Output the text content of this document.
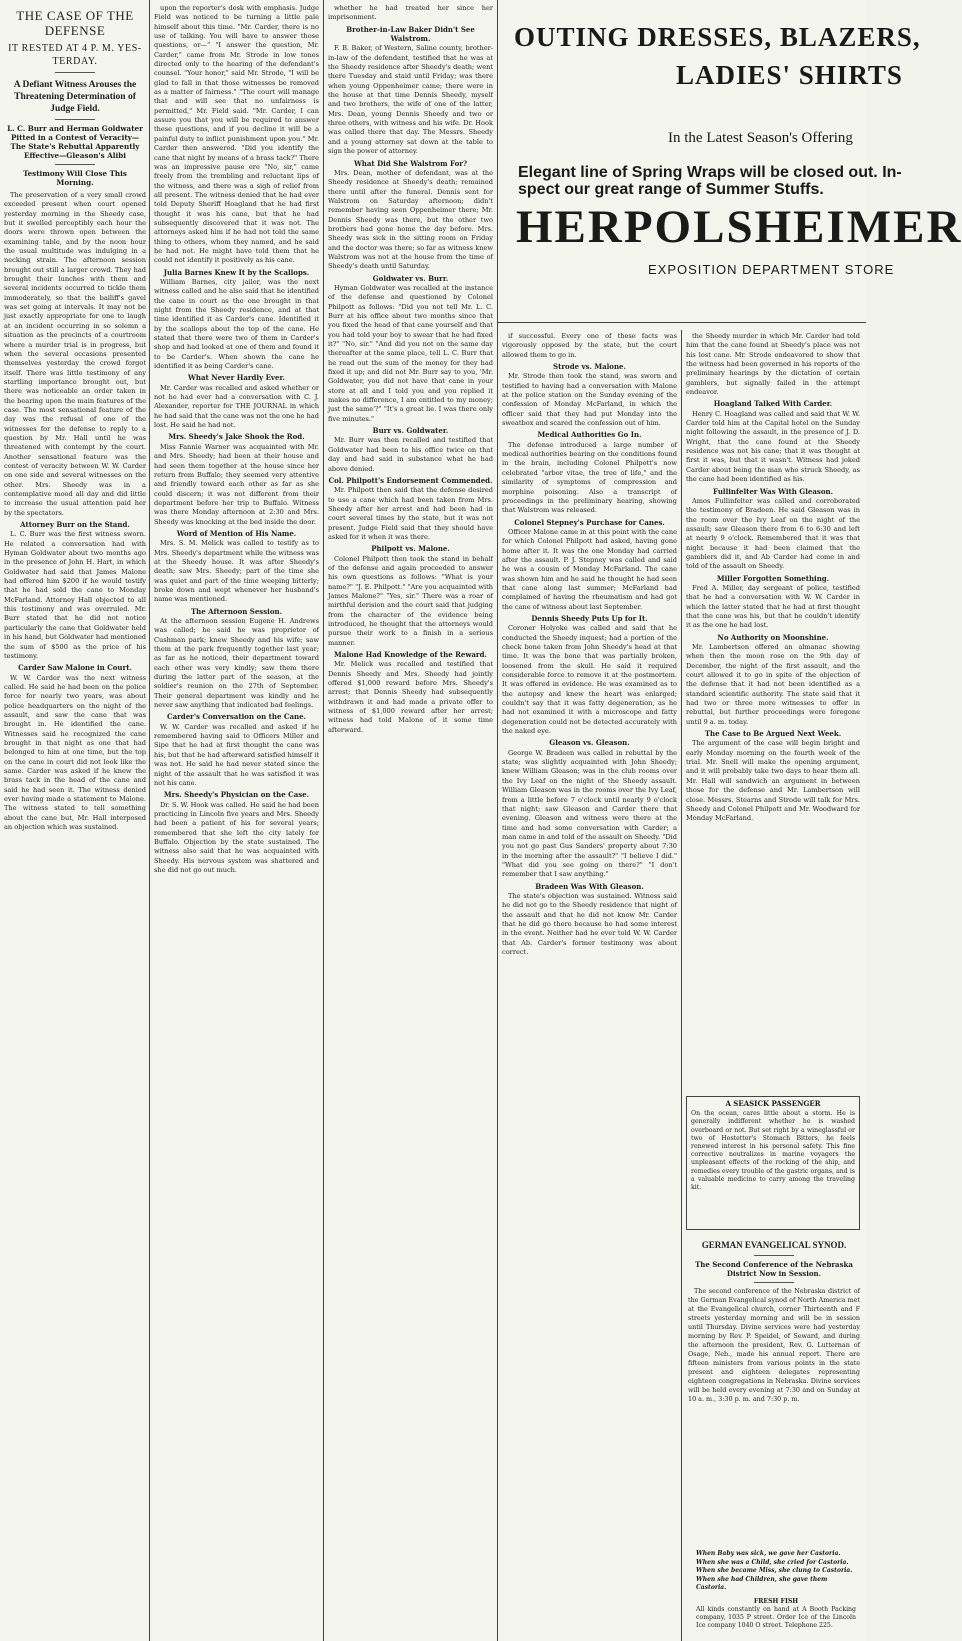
THE CASE OF THE DEFENSE
IT RESTED AT 4 P. M. YES-TERDAY.
A Defiant Witness Arouses the Threatening Determination of Judge Field.
L. C. Burr and Herman Goldwater Pitted in a Contest of Veracity—The State's Rebuttal Apparently Effective—Gleason's Alibi
Testimony Will Close This Morning.

The preservation of a very small crowd exceeded present when court opened yesterday morning in the Sheedy case, but it swelled perceptibly each hour the doors were thrown open between the examining table, and by the noon hour the usual multitude was indulging in a necking strain. The afternoon session brought out still a larger crowd. They had brought their lunches with them and several incidents occurred to tickle them immoderately, so that the bailiff's gavel was set going at intervals. It may not be just exactly appropriate for one to laugh at an incident occurring in so solemn a situation as the precincts of a courtroom where a murder trial is in progress, but when the several occasions presented themselves yesterday the crowd forgot itself. There was little testimony of any startling importance brought out, but there was noticeable an order taken in the bearing upon the main features of the case. The most sensational feature of the day was the refusal of one of the witnesses for the defense to reply to a question by Mr. Hall until he was threatened with contempt by the court. Another sensational feature was the contest of veracity between W. W. Carder on one side and several witnesses on the other. Mrs. Sheedy was in a contemplative mood all day and did little to increase the usual attention paid her by the spectators.

Attorney Burr on the Stand.

L. C. Burr was the first witness sworn. He related a conversation had with Hyman Goldwater about two months ago in the presence of John H. Hart, in which Goldwater had said that James Malone had offered him $200 if he would testify that he had sold the cane to Monday McFarland. Attorney Hall objected to all this testimony and was overruled. Mr. Burr stated that he did not notice particularly the cane that Goldwater held in his hand, but Goldwater had mentioned the sum of $500 as the price of his testimony.

Carder Saw Malone in Court.

W. W. Carder was the next witness called. He said he had been on the police force for nearly two years, was about police headquarters on the night of the assault, and saw the cane that was brought in. He identified the cane. Witnesses said he recognized the cane brought in that night as one that had belonged to him at one time, but the top on the cane in court did not look like the same. Carder was asked if he knew the brass tack in the head of the cane and said he had seen it. The witness denied ever having made a statement to Malone. The witness stated to tell something about the cane but, Mr. Hall interposed an objection which was sustained.

upon the reporter's desk with emphasis. Judge Field was noticed to be turning a little pale himself about this time. "Mr. Carder, there is no use of talking. You will have to answer those questions, or—" "I answer the question, Mr. Carder," came from Mr. Strode in low tones directed only to the hearing of the defendant's counsel. "Your honor," said Mr. Strode, "I will be glad to fall in that those witnesses be removed as a matter of fairness." "The court will manage that and will see that no unfairness is permitted," Mr. Field said. "Mr. Carder, I can assure you that you will be required to answer these questions, and if you decline it will be a painful duty to inflict punishment upon you." Mr. Carder then answered. "Did you identify the cane that night by means of a brass tack?" There was an impressive pause ere "No, sir," came freely from the trembling and reluctant lips of the witness, and there was a sigh of relief from all present. The witness denied that he had ever told Deputy Sheriff Hoagland that he had first thought it was his cane, but that he had subsequently discovered that it was not. The attorneys asked him if he had not told the same thing to others, whom they named, and he said he had not. He might have told them that he could not identify it positively as his cane.

Julia Barnes Knew It by the Scallops.

William Barnes, city jailer, was the next witness called and he also said that he identified the cane in court as the one brought in that night from the Sheedy residence, and at that time identified it as Carder's cane. Identified it by the scallops about the top of the cane. He stated that there were two of them in Carder's shop and had looked at one of them and found it to be Carder's. When shown the cane he identified it as being Carder's cane.

What Never Hardly Ever.

Mr. Carder was recalled and asked whether or not he had ever had a conversation with C. J. Alexander, reporter for THE JOURNAL in which he had said that the cane was not the one he had lost. He said he had not.

Mrs. Sheedy's Jake Shook the Rod.

Miss Fannie Warner was acquainted with Mr. and Mrs. Sheedy; had been at their house and had seen them together at the house since her return from Buffalo; they seemed very attentive and friendly toward each other as far as she could discern; it was not different from their department before her trip to Buffalo. Witness was there Monday afternoon at 2:30 and Mrs. Sheedy was knocking at the bed inside the door.

Word of Mention of His Name.

Mrs. S. M. Melick was called to testify as to Mrs. Sheedy's department while the witness was at the Sheedy house. It was after Sheedy's death; saw Mrs. Sheedy; part of the time she was quiet and part of the time weeping bitterly; broke down and wept whenever her husband's name was mentioned.

The Afternoon Session.

At the afternoon session Eugene H. Andrews was called; he said he was proprietor of Cushman park; knew Sheedy and his wife; saw them at the park frequently together last year; as far as he noticed, their department toward each other was very kindly; saw them there during the latter part of the season, at the soldier's reunion on the 27th of September. Their general department was kindly and he never saw anything that indicated bad feelings.

Carder's Conversation on the Cane.

W. W. Carder was recalled and asked if he remembered having said to Officers Miller and Sipe that he had at first thought the cane was his, but that he had afterward satisfied himself it was not. He said he had never stated since the night of the assault that he was satisfied it was not his cane.

Mrs. Sheedy's Physician on the Case.

Dr. S. W. Hook was called. He said he had been practicing in Lincoln five years and Mrs. Sheedy had been a patient of his for several years; remembered that she left the city lately for Buffalo. Objection by the state sustained. The witness also said that he was acquainted with Sheedy. His nervous system was shattered and she did not go out much.

whether he had treated her since her imprisonment.

Brother-in-Law Baker Didn't See Walstrom.

F. B. Baker, of Western, Saline county, brother-in-law of the defendant, testified that he was at the Sheedy residence after Sheedy's death; went there Tuesday and staid until Friday; was there when young Oppenheimer came; there were in the house at that time Dennis Sheedy, myself and two brothers, the wife of one of the latter, Mrs. Dean, young Dennis Sheedy and two or three others, with witness and his wife. Dr. Hook was called there that day. The Messrs. Sheedy and a young attorney sat down at the table to sign the power of attorney.

What Did She Walstrom For?

Mrs. Dean, mother of defendant, was at the Sheedy residence at Sheedy's death; remained there until after the funeral. Dennis sent for Walstrom on Saturday afternoon; didn't remember having seen Oppenheimer there; Mr. Dennis Sheedy was there, but the other two brothers had gone home the day before. Mrs. Sheedy was sick in the sitting room on Friday and the doctor was there; so far as witness knew Walstrom was not at the house from the time of Sheedy's death until Saturday.

Goldwater vs. Burr.

Hyman Goldwater was recalled at the instance of the defense and questioned by Colonel Philpott as follows: "Did you not tell Mr. L. C. Burr at his office about two months since that you fixed the head of that cane yourself and that you had told your boy to swear that he had fixed it?" "No, sir." "And did you not on the same day thereafter at the same place, tell L. C. Burr that he read out the sum of the money for they had fixed it up; and did not Mr. Burr say to you, 'Mr. Goldwater, you did not have that cane in your store at all and I told you and you replied it makes no difference, I am entitled to my money; just the same'?" "It's a great lie. I was there only five minutes."

Burr vs. Goldwater.

Mr. Burr was then recalled and testified that Goldwater had been to his office twice on that day and had said in substance what he had above denied.

Col. Philpott's Endorsement Commended.

Mr. Philpott then said that the defense desired to use a cane which had been taken from Mrs. Sheedy after her arrest and had been had in court several times by the state, but it was not present. Judge Field said that they should have asked for it when it was there.

Philpott vs. Malone.

Colonel Philpott then took the stand in behalf of the defense and again proceeded to answer his own questions as follows: "What is your name?" "J. E. Philpott." "Are you acquainted with James Malone?" "Yes, sir." There was a roar of mirthful derision and the court said that judging from the character of the evidence being introduced, he thought that the attorneys would pursue their work to a finish in a serious manner.

Malone Had Knowledge of the Reward.

Mr. Melick was recalled and testified that Dennis Sheedy and Mrs. Sheedy had jointly offered $1,000 reward before Mrs. Sheedy's arrest; that Dennis Sheedy had subsequently withdrawn it and had made a private offer to witness of $1,000 reward after her arrest; witness had told Malone of it some time afterward.

OUTING DRESSES, BLAZERS,
LADIES' SHIRTS
In the Latest Season's Offering
Elegant line of Spring Wraps will be closed out. In-
spect our great range of Summer Stuffs.
HERPOLSHEIMER
EXPOSITION DEPARTMENT STORE

if successful. Every one of these facts was vigorously opposed by the state, but the court allowed them to go in.

Strode vs. Malone.

Mr. Strode then took the stand, was sworn and testified to having had a conversation with Malone at the police station on the Sunday evening of the confession of Monday McFarland, in which the officer said that they had put Monday into the sweatbox and scared the confession out of him.

Medical Authorities Go In.

The defense introduced a large number of medical authorities bearing on the conditions found in the brain, including Colonel Philpott's now celebrated "arbor vitae, the tree of life," and the similarity of symptoms of compression and morphine poisoning. Also a transcript of proceedings in the preliminary hearing, showing that Walstrom was released.

Colonel Stepney's Purchase for Canes.

Officer Malone came in at this point with the cane for which Colonel Philpott had asked, having gone home after it. It was the one Monday had carried after the assault. P. J. Stepney was called and said he was a cousin of Monday McFarland. The cane was shown him and he said he thought he had seen that cane along last summer; McFarland had complained of having the rheumatism and had got the cane of witness about last September.

Dennis Sheedy Puts Up for It.

Coroner Holyoke was called and said that he conducted the Sheedy inquest; had a portion of the check bone taken from John Sheedy's head at that time. It was the bone that was partially broken, loosened from the skull. He said it required considerable force to remove it at the postmortem. It was offered in evidence. He was examined as to the autopsy and knew the heart was enlarged; couldn't say that it was fatty degeneration, as he had not examined it with a microscope and fatty degeneration could not be detected accurately with the naked eye.

Gleason vs. Gleason.

George W. Bradeen was called in rebuttal by the state; was slightly acquainted with John Sheedy; knew William Gleason; was in the club rooms over the Ivy Leaf on the night of the Sheedy assault. William Gleason was in the rooms over the Ivy Leaf, from a little before 7 o'clock until nearly 9 o'clock that night; saw Gleason and Carder there that evening. Gleason and witness were there at the time and had some conversation with Carder; a man came in and told of the assault on Sheedy. "Did you not go past Gus Sanders' property about 7:30 in the morning after the assault?" "I believe I did." "What did you see going on there?" "I don't remember that I saw anything."

Bradeen Was With Gleason.

The state's objection was sustained. Witness said he did not go to the Sheedy residence that night of the assault and that he did not know Mr. Carder that he did go there because he had some interest in the event. Neither had he ever told W. W. Carder that Ab. Carder's former testimony was about correct.

the Sheedy murder in which Mr. Carder had told him that the cane found at Sheedy's place was not his lost cane. Mr. Strode endeavored to show that the witness had been governed in his reports of the preliminary hearings by the dictation of certain gamblers, but signally failed in the attempt endeavor.

Hoagland Talked With Carder.

Henry C. Hoagland was called and said that W. W. Carder told him at the Capital hotel on the Sunday night following the assault, in the presence of J. D. Wright, that the cane found at the Sheedy residence was not his cane; that it was thought at first it was, but that it wasn't. Witness had joked Carder about being the man who struck Sheedy, as the cane had been identified as his.

Fullinfelter Was With Gleason.

Amos Fullinfelter was called and corroborated the testimony of Bradeen. He said Gleason was in the room over the Ivy Leaf on the night of the assault; saw Gleason there from 6 to 6:30 and left at nearly 9 o'clock. Remembered that it was that night because it had been claimed that the gamblers did it, and Ab Carder had come in and told of the assault on Sheedy.

Miller Forgotten Something.

Fred A. Miller, day sergeant of police, testified that he had a conversation with W. W. Carder in which the latter stated that he had at first thought that the cane was his, but that he couldn't identify it as the one he had lost.

No Authority on Moonshine.

Mr. Lambertson offered an almanac showing when then the moon rose on the 9th day of December, the night of the first assault, and the court allowed it to go in spite of the objection of the defense that it had not been identified as a standard scientific authority. The state said that it had two or three more witnesses to offer in rebuttal, but further proceedings were foregone until 9 a. m. today.

The Case to Be Argued Next Week.

The argument of the case will begin bright and early Monday morning on the fourth week of the trial. Mr. Snell will make the opening argument, and it will probably take two days to hear them all. Mr. Hall will sandwich an argument in between those for the defense and Mr. Lambertson will close. Messrs. Stearns and Strode will talk for Mrs. Sheedy and Colonel Philpott and Mr. Woodward for Monday McFarland.

A SEASICK PASSENGER
On the ocean, cares little about a storm. He is generally indifferent whether he is washed overboard or not. But set right by a wineglassful or two of Hostetter's Stomach Bitters, he feels renewed interest in his personal safety. This fine corrective neutralizes in marine voyagers the unpleasant effects of the rocking of the ship, and remedies every trouble of the gastric organs, and is a valuable medicine to carry among the traveling kit.
GERMAN EVANGELICAL SYNOD.
The Second Conference of the Nebraska District Now in Session.

The second conference of the Nebraska district of the German Evangelical synod of North America met at the Evangelical church, corner Thirteenth and F streets yesterday morning and will be in session until Thursday. Divine services were had yesterday morning by Rev. P. Speidel, of Seward, and during the afternoon the president, Rev. G. Lutternan of Osage, Neb., made his annual report. There are fifteen ministers from various points in the state present and eighteen delegates representing eighteen congregations in Nebraska. Divine services will be held every evening at 7:30 and on Sunday at 10 a. m., 3:30 p. m. and 7:30 p. m.

When Baby was sick, we gave her Castoria.
When she was a Child, she cried for Castoria.
When she became Miss, she clung to Castoria.
When she had Children, she gave them Castoria.
FRESH FISH
All kinds constantly on hand at A Booth Packing company, 1035 P street. Order Ice of the Lincoln Ice company 1040 O street. Telephone 225.
